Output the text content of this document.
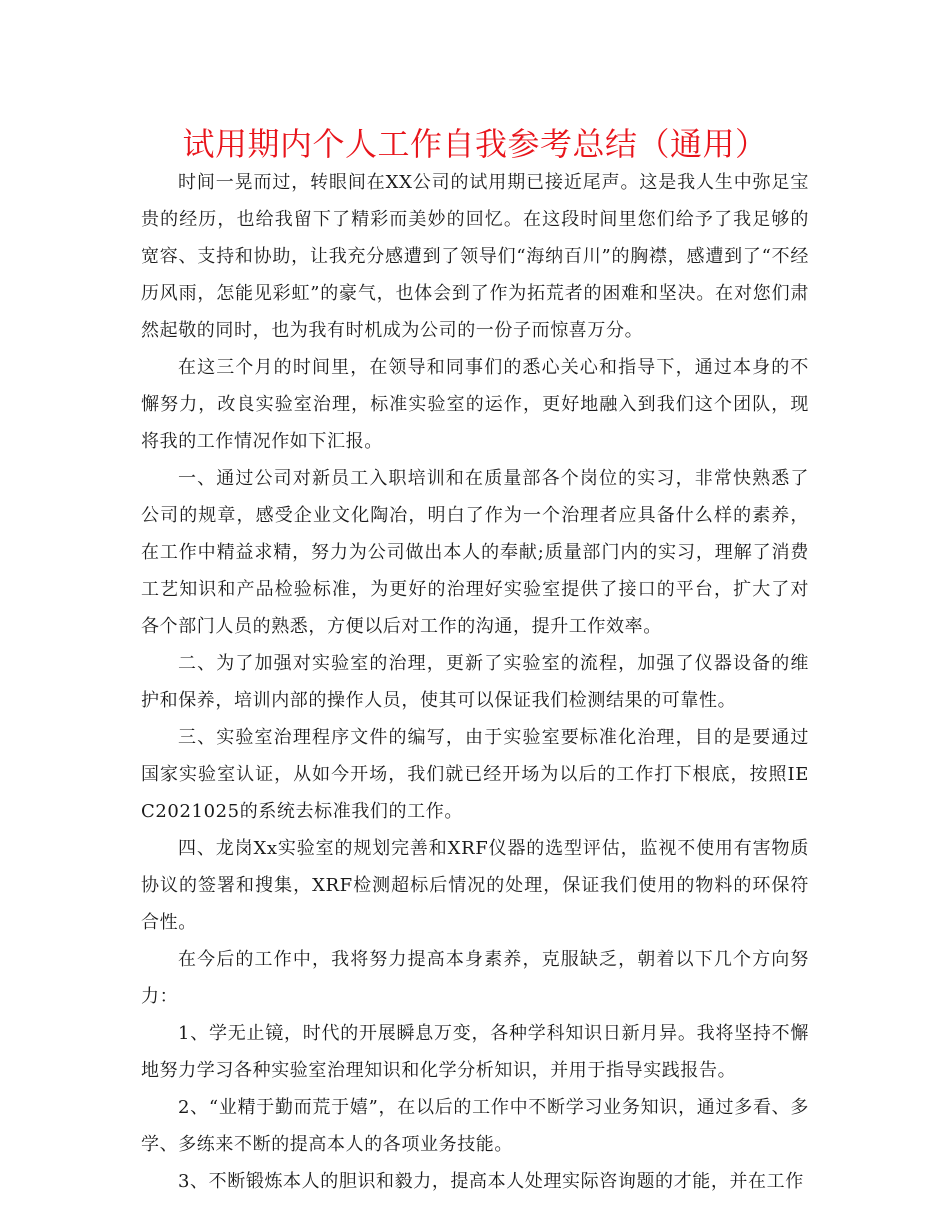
试用期内个人工作自我参考总结（通用）

时间一晃而过，转眼间在XX公司的试用期已接近尾声。这是我人生中弥足宝贵的经历，也给我留下了精彩而美妙的回忆。在这段时间里您们给予了我足够的宽容、支持和协助，让我充分感遭到了领导们“海纳百川”的胸襟，感遭到了“不经历风雨，怎能见彩虹”的豪气，也体会到了作为拓荒者的困难和坚决。在对您们肃然起敬的同时，也为我有时机成为公司的一份子而惊喜万分。

在这三个月的时间里，在领导和同事们的悉心关心和指导下，通过本身的不懈努力，改良实验室治理，标准实验室的运作，更好地融入到我们这个团队，现将我的工作情况作如下汇报。

一、通过公司对新员工入职培训和在质量部各个岗位的实习，非常快熟悉了公司的规章，感受企业文化陶冶，明白了作为一个治理者应具备什么样的素养，在工作中精益求精，努力为公司做出本人的奉献;质量部门内的实习，理解了消费工艺知识和产品检验标准，为更好的治理好实验室提供了接口的平台，扩大了对各个部门人员的熟悉，方便以后对工作的沟通，提升工作效率。

二、为了加强对实验室的治理，更新了实验室的流程，加强了仪器设备的维护和保养，培训内部的操作人员，使其可以保证我们检测结果的可靠性。

三、实验室治理程序文件的编写，由于实验室要标准化治理，目的是要通过国家实验室认证，从如今开场，我们就已经开场为以后的工作打下根底，按照IEC2021025的系统去标准我们的工作。

四、龙岗Xx实验室的规划完善和XRF仪器的选型评估，监视不使用有害物质协议的签署和搜集，XRF检测超标后情况的处理，保证我们使用的物料的环保符合性。

在今后的工作中，我将努力提高本身素养，克服缺乏，朝着以下几个方向努力：

1、学无止镜，时代的开展瞬息万变，各种学科知识日新月异。我将坚持不懈地努力学习各种实验室治理知识和化学分析知识，并用于指导实践报告。

2、“业精于勤而荒于嬉”，在以后的工作中不断学习业务知识，通过多看、多学、多练来不断的提高本人的各项业务技能。

3、不断锻炼本人的胆识和毅力，提高本人处理实际咨询题的才能，并在工作
